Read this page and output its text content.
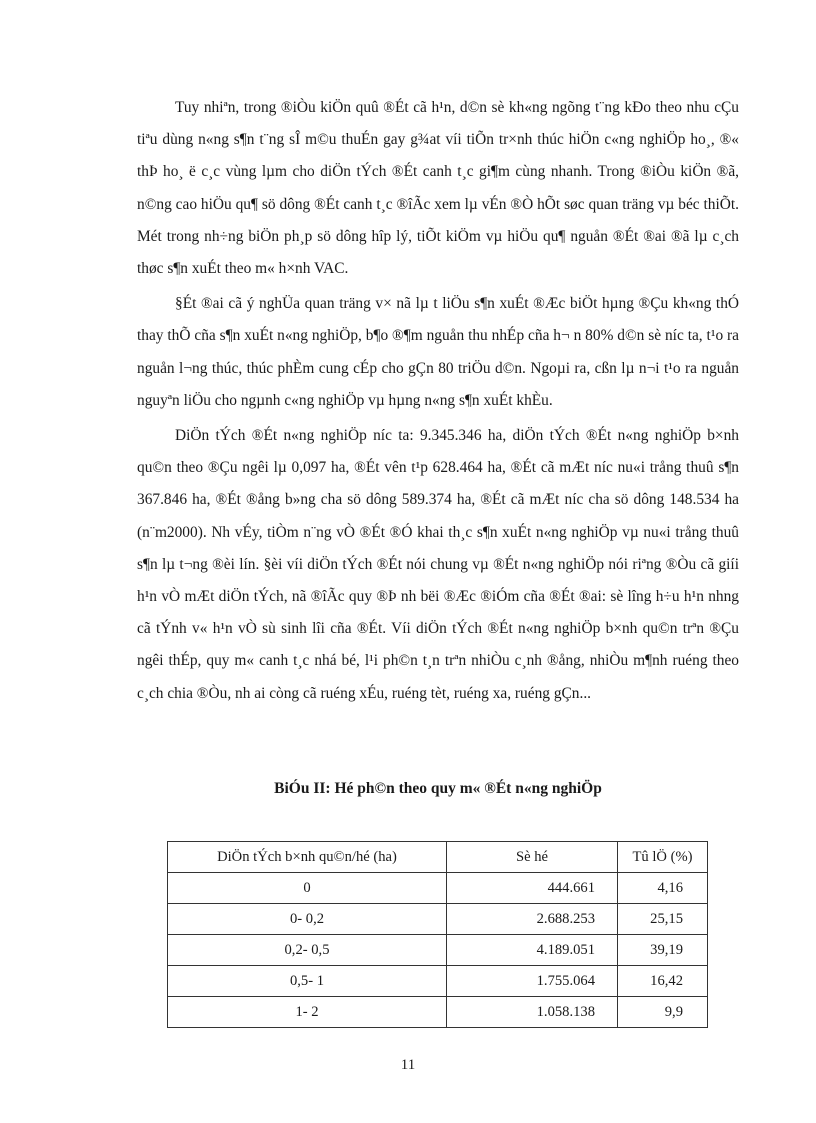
Tuy nhiªn, trong ®iÒu kiÖn quû ®Ét cã h¹n, d©n sè kh«ng ngõng t¨ng kÐo theo nhu cÇu tiªu dùng n«ng s¶n t¨ng sÎ m©u thuÉn gay g¾at víi tiÕn tr×nh thúc hiÖn c«ng nghiÖp ho¸, ®« thÞ ho¸ ë c¸c vùng lµm cho diÖn tÝch ®Ét canh t¸c gi¶m cùng nhanh. Trong ®iÒu kiÖn ®ã, n©ng cao hiÖu qu¶ sö dông ®Ét canh t¸c ®îÃc xem lµ vÉn ®Ò hÕt søc quan träng vµ béc thiÕt. Mét trong nh÷ng biÖn ph¸p sö dông hîp lý, tiÕt kiÖm vµ hiÖu qu¶ nguån ®Ét ®ai ®ã lµ c¸ch thøc s¶n xuÉt theo m« h×nh VAC.

§Ét ®ai cã ý nghÜa quan träng v× nã lµ t liÖu s¶n xuÉt ®Æc biÖt hµng ®Çu kh«ng thÓ thay thÕ cña s¶n xuÉt n«ng nghiÖp, b¶o ®¶m nguån thu nhÉp cña h¬ n 80% d©n sè níc ta, t¹o ra nguån l¬ng thúc, thúc phÈm cung cÉp cho gÇn 80 triÖu d©n. Ngoµi ra, cßn lµ n¬i t¹o ra nguån nguyªn liÖu cho ngµnh c«ng nghiÖp vµ hµng n«ng s¶n xuÉt khÈu.

DiÖn tÝch ®Ét n«ng nghiÖp níc ta: 9.345.346 ha, diÖn tÝch ®Ét n«ng nghiÖp b×nh qu©n theo ®Çu ngêi lµ 0,097 ha, ®Ét vên t¹p 628.464 ha, ®Ét cã mÆt níc nu«i trång thuû s¶n 367.846 ha, ®Ét ®ång b»ng cha sö dông 589.374 ha, ®Ét cã mÆt níc cha sö dông 148.534 ha (n¨m2000). Nh vÉy, tiÒm n¨ng vÒ ®Ét ®Ó khai th¸c s¶n xuÉt n«ng nghiÖp vµ nu«i trång thuû s¶n lµ t¬ng ®èi lín. §èi víi diÖn tÝch ®Ét nói chung vµ ®Ét n«ng nghiÖp nói riªng ®Òu cã giíi h¹n vÒ mÆt diÖn tÝch, nã ®îÃc quy ®Þ nh bëi ®Æc ®iÓm cña ®Ét ®ai: sè lîng h÷u h¹n nhng cã tÝnh v« h¹n vÒ sù sinh lîi cña ®Ét. Víi diÖn tÝch ®Ét n«ng nghiÖp b×nh qu©n trªn ®Çu ngêi thÉp, quy m« canh t¸c nhá bé, l¹i ph©n t¸n trªn nhiÒu c¸nh ®ång, nhiÒu m¶nh ruéng theo c¸ch chia ®Òu, nh ai còng cã ruéng xÉu, ruéng tèt, ruéng xa, ruéng gÇn...

BiÓu II: Hé ph©n theo quy m« ®Ét n«ng nghiÖp
DiÖn tÝch b×nh qu©n/hé (ha)	Sè hé	Tû lÖ (%)
0	444.661	4,16
0- 0,2	2.688.253	25,15
0,2- 0,5	4.189.051	39,19
0,5- 1	1.755.064	16,42
1- 2	1.058.138	9,9
11
